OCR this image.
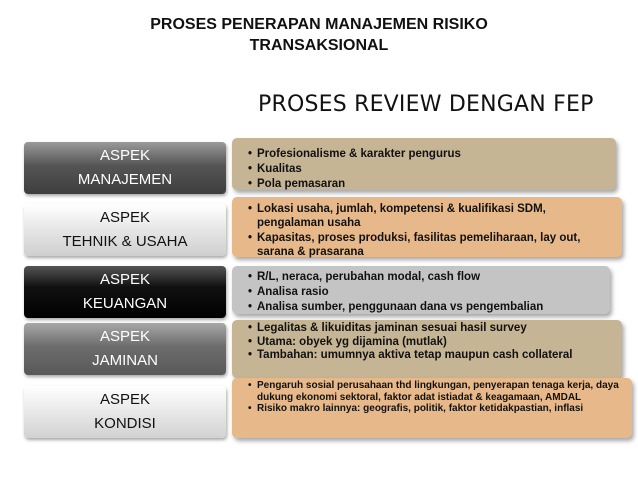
PROSES PENERAPAN MANAJEMEN RISIKO
TRANSAKSIONAL
PROSES REVIEW DENGAN FEP
ASPEK
MANAJEMEN
• Profesionalisme & karakter pengurus
• Kualitas
• Pola pemasaran
ASPEK
TEHNIK & USAHA
• Lokasi usaha, jumlah, kompetensi & kualifikasi SDM, pengalaman usaha
• Kapasitas, proses produksi, fasilitas pemeliharaan, lay out, sarana & prasarana
ASPEK
KEUANGAN
• R/L, neraca, perubahan modal, cash flow
• Analisa rasio
• Analisa sumber, penggunaan dana vs pengembalian
ASPEK
JAMINAN
• Legalitas & likuiditas jaminan sesuai hasil survey
• Utama: obyek yg dijamina (mutlak)
• Tambahan: umumnya aktiva tetap maupun cash collateral
ASPEK
KONDISI
• Pengaruh sosial perusahaan thd lingkungan, penyerapan tenaga kerja, daya dukung ekonomi sektoral, faktor adat istiadat & keagamaan, AMDAL
• Risiko makro lainnya: geografis, politik, faktor ketidakpastian, inflasi
